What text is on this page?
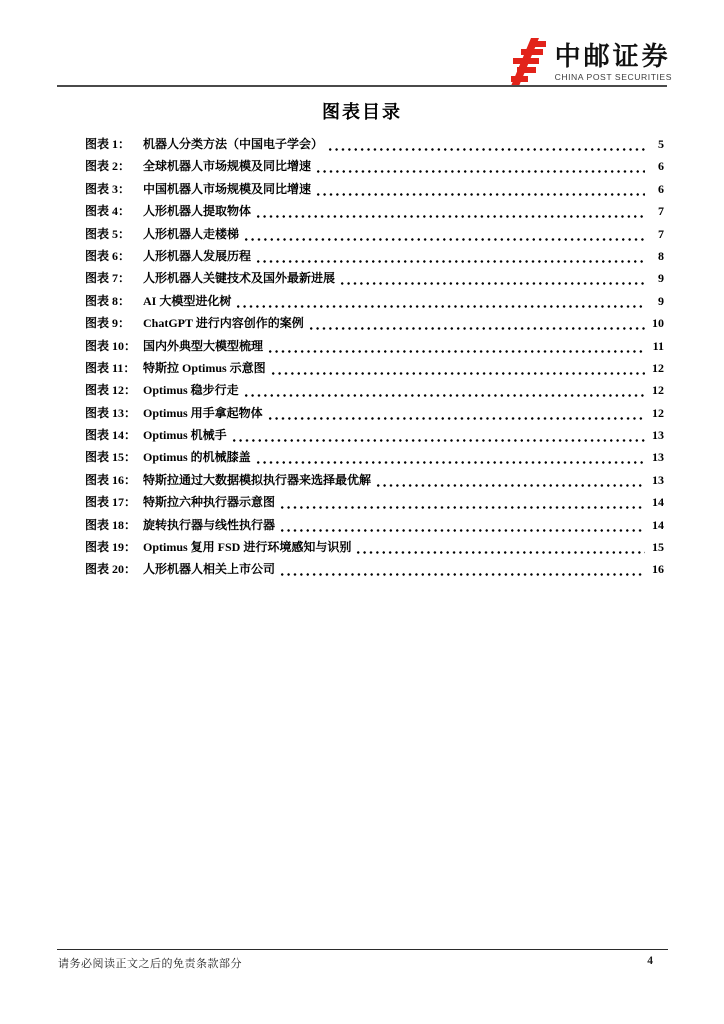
中邮证券
CHINA POST SECURITIES
图表目录
图表 1：	机器人分类方法（中国电子学会）	5
图表 2：	全球机器人市场规模及同比增速	6
图表 3：	中国机器人市场规模及同比增速	6
图表 4：	人形机器人提取物体	7
图表 5：	人形机器人走楼梯	7
图表 6：	人形机器人发展历程	8
图表 7：	人形机器人关键技术及国外最新进展	9
图表 8：	AI 大模型进化树	9
图表 9：	ChatGPT 进行内容创作的案例	10
图表 10： 国内外典型大模型梳理	11
图表 11： 特斯拉 Optimus 示意图	12
图表 12： Optimus 稳步行走	12
图表 13： Optimus 用手拿起物体	12
图表 14： Optimus 机械手	13
图表 15： Optimus 的机械膝盖	13
图表 16： 特斯拉通过大数据模拟执行器来选择最优解	13
图表 17： 特斯拉六种执行器示意图	14
图表 18： 旋转执行器与线性执行器	14
图表 19： Optimus 复用 FSD 进行环境感知与识别	15
图表 20： 人形机器人相关上市公司	16
请务必阅读正文之后的免责条款部分	4
